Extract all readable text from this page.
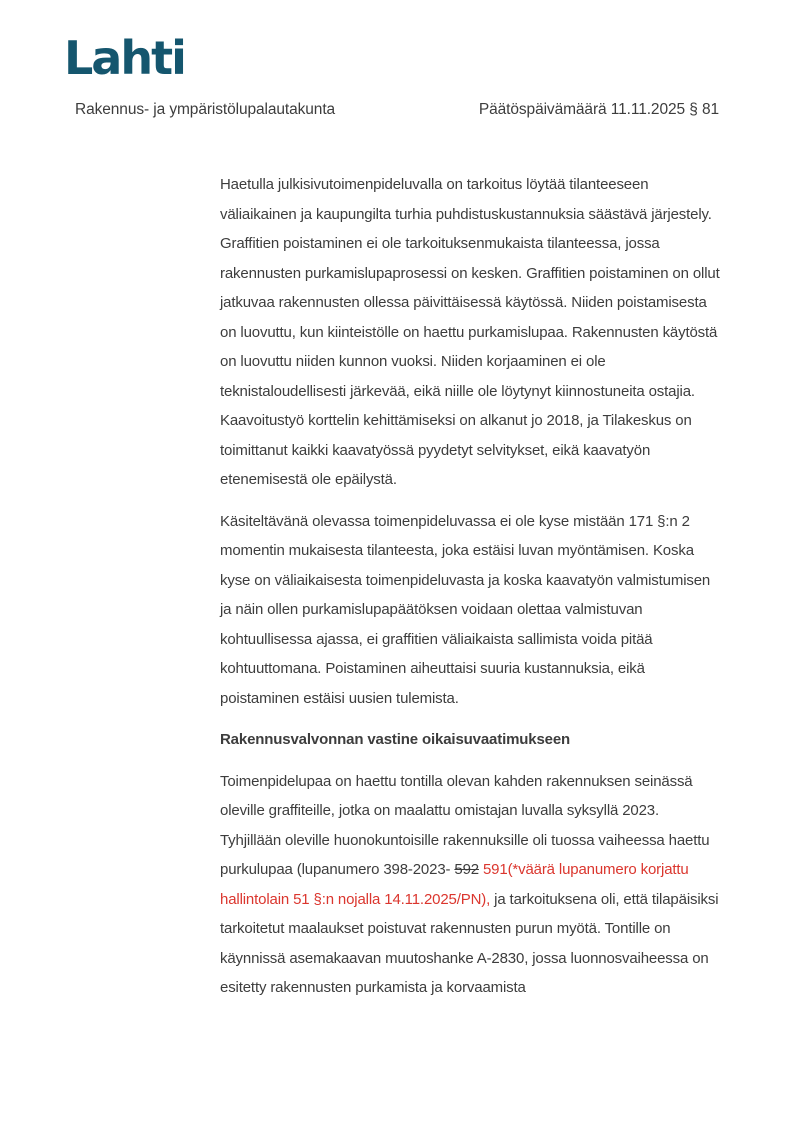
Lahti
Rakennus- ja ympäristölupalautakunta	Päätöspäivämäärä 11.11.2025 § 81

Haetulla julkisivutoimenpideluvalla on tarkoitus löytää tilanteeseen väliaikainen ja kaupungilta turhia puhdistuskustannuksia säästävä järjestely. Graffitien poistaminen ei ole tarkoituksenmukaista tilanteessa, jossa rakennusten purkamislupaprosessi on kesken. Graffitien poistaminen on ollut jatkuvaa rakennusten ollessa päivittäisessä käytössä. Niiden poistamisesta on luovuttu, kun kiinteistölle on haettu purkamislupaa. Rakennusten käytöstä on luovuttu niiden kunnon vuoksi. Niiden korjaaminen ei ole teknistaloudellisesti järkevää, eikä niille ole löytynyt kiinnostuneita ostajia. Kaavoitustyö korttelin kehittämiseksi on alkanut jo 2018, ja Tilakeskus on toimittanut kaikki kaavatyössä pyydetyt selvitykset, eikä kaavatyön etenemisestä ole epäilystä.

Käsiteltävänä olevassa toimenpideluvassa ei ole kyse mistään 171 §:n 2 momentin mukaisesta tilanteesta, joka estäisi luvan myöntämisen. Koska kyse on väliaikaisesta toimenpideluvasta ja koska kaavatyön valmistumisen ja näin ollen purkamislupapäätöksen voidaan olettaa valmistuvan kohtuullisessa ajassa, ei graffitien väliaikaista sallimista voida pitää kohtuuttomana. Poistaminen aiheuttaisi suuria kustannuksia, eikä poistaminen estäisi uusien tulemista.

Rakennusvalvonnan vastine oikaisuvaatimukseen

Toimenpidelupaa on haettu tontilla olevan kahden rakennuksen seinässä oleville graffiteille, jotka on maalattu omistajan luvalla syksyllä 2023. Tyhjillään oleville huonokuntoisille rakennuksille oli tuossa vaiheessa haettu purkulupaa (lupanumero 398-2023- 592 591(*väärä lupanumero korjattu hallintolain 51 §:n nojalla 14.11.2025/PN), ja tarkoituksena oli, että tilapäisiksi tarkoitetut maalaukset poistuvat rakennusten purun myötä. Tontille on käynnissä asemakaavan muutoshanke A-2830, jossa luonnosvaiheessa on esitetty rakennusten purkamista ja korvaamista
